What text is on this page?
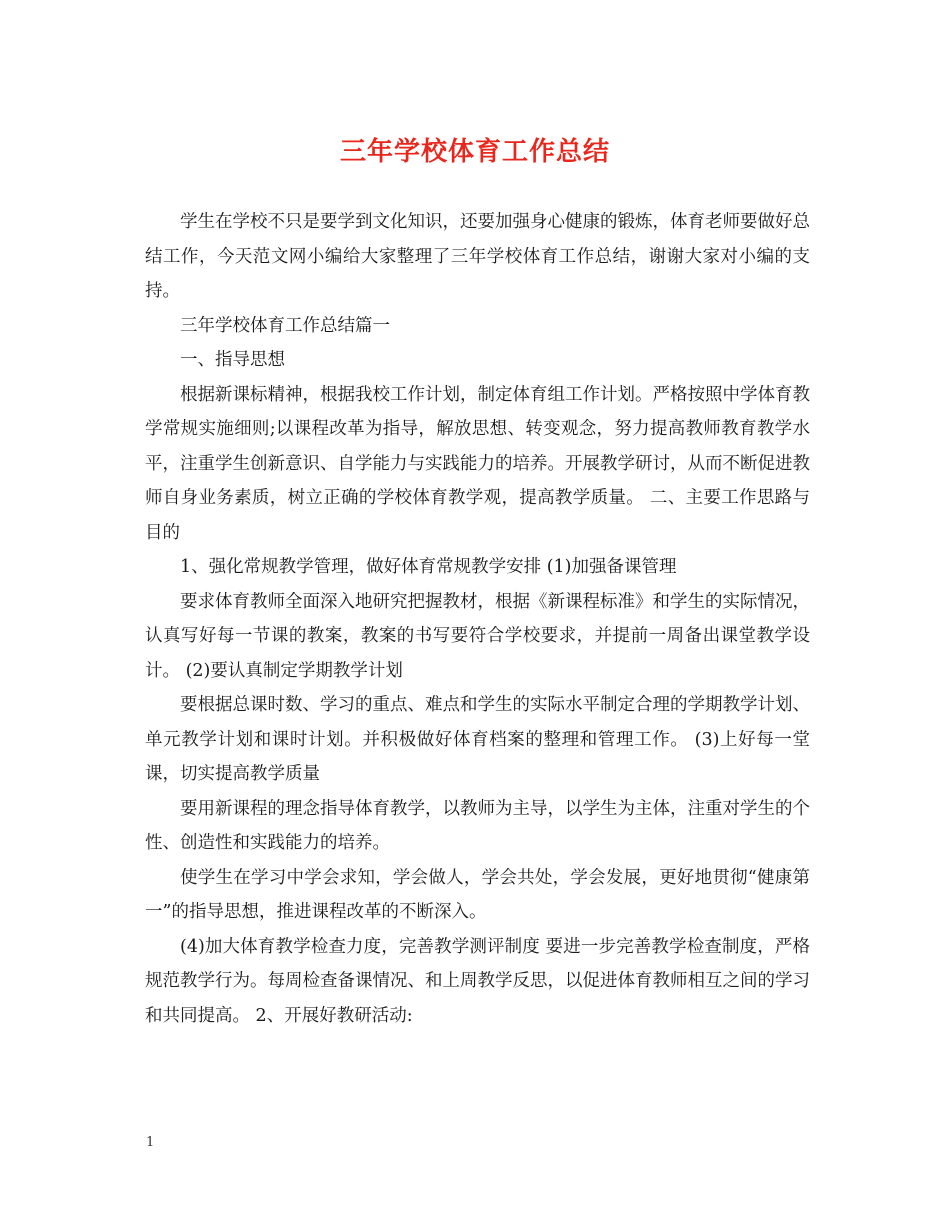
三年学校体育工作总结

学生在学校不只是要学到文化知识，还要加强身心健康的锻炼，体育老师要做好总结工作，今天范文网小编给大家整理了三年学校体育工作总结，谢谢大家对小编的支持。

三年学校体育工作总结篇一

一、指导思想

根据新课标精神，根据我校工作计划，制定体育组工作计划。严格按照中学体育教学常规实施细则;以课程改革为指导，解放思想、转变观念，努力提高教师教育教学水平，注重学生创新意识、自学能力与实践能力的培养。开展教学研讨，从而不断促进教师自身业务素质，树立正确的学校体育教学观，提高教学质量。 二、主要工作思路与目的

1、强化常规教学管理，做好体育常规教学安排 (1)加强备课管理

要求体育教师全面深入地研究把握教材，根据《新课程标准》和学生的实际情况，认真写好每一节课的教案，教案的书写要符合学校要求，并提前一周备出课堂教学设计。 (2)要认真制定学期教学计划

要根据总课时数、学习的重点、难点和学生的实际水平制定合理的学期教学计划、单元教学计划和课时计划。并积极做好体育档案的整理和管理工作。 (3)上好每一堂课，切实提高教学质量

要用新课程的理念指导体育教学，以教师为主导，以学生为主体，注重对学生的个性、创造性和实践能力的培养。

使学生在学习中学会求知，学会做人，学会共处，学会发展，更好地贯彻“健康第一”的指导思想，推进课程改革的不断深入。

(4)加大体育教学检查力度，完善教学测评制度 要进一步完善教学检查制度，严格规范教学行为。每周检查备课情况、和上周教学反思，以促进体育教师相互之间的学习和共同提高。 2、开展好教研活动:

1
